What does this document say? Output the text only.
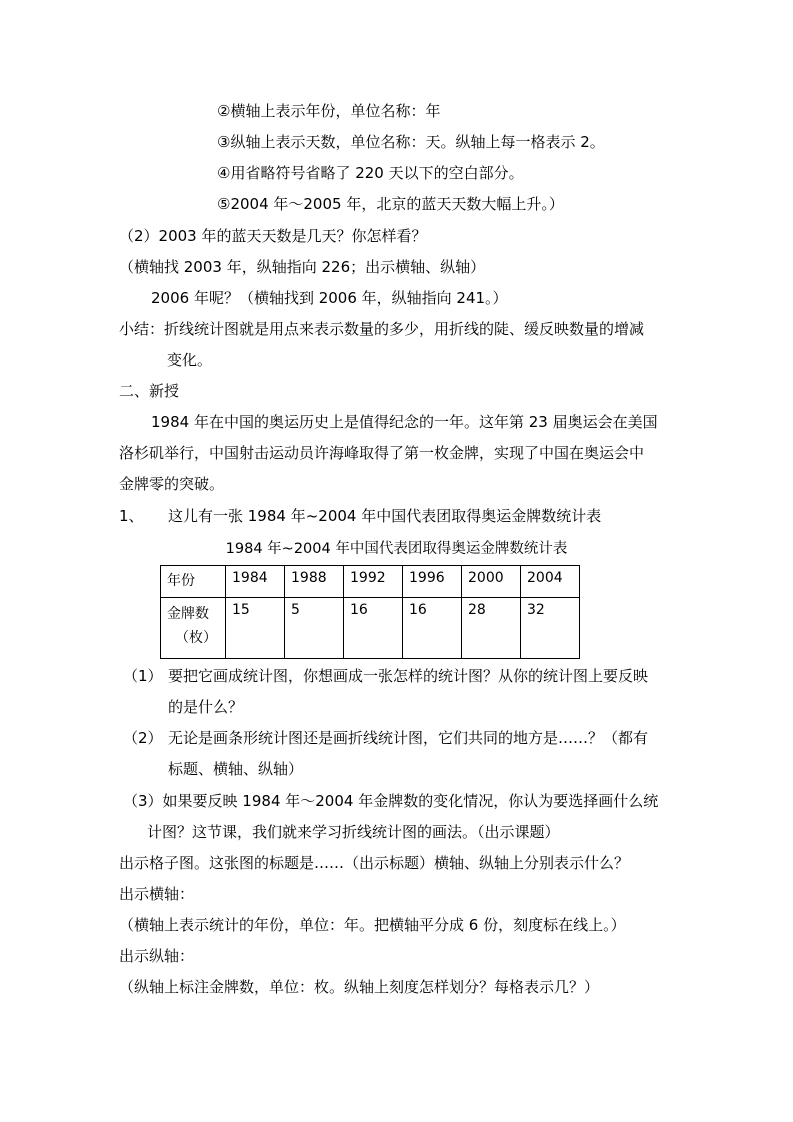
②横轴上表示年份，单位名称：年
③纵轴上表示天数，单位名称：天。纵轴上每一格表示 2。
④用省略符号省略了 220 天以下的空白部分。
⑤2004 年～2005 年，北京的蓝天天数大幅上升。）
（2）2003 年的蓝天天数是几天？你怎样看？
（横轴找 2003 年，纵轴指向 226；出示横轴、纵轴）
2006 年呢？（横轴找到 2006 年，纵轴指向 241。）
小结：折线统计图就是用点来表示数量的多少，用折线的陡、缓反映数量的增减
变化。
二、新授
1984 年在中国的奥运历史上是值得纪念的一年。这年第 23 届奥运会在美国
洛杉矶举行，中国射击运动员许海峰取得了第一枚金牌，实现了中国在奥运会中
金牌零的突破。
1、 这儿有一张 1984 年~2004 年中国代表团取得奥运金牌数统计表
1984 年~2004 年中国代表团取得奥运金牌数统计表
年份	1984	1988	1992	1996	2000	2004

金牌数
（枚）	15	5	16	16	28	32
（1） 要把它画成统计图，你想画成一张怎样的统计图？从你的统计图上要反映
的是什么？
（2） 无论是画条形统计图还是画折线统计图，它们共同的地方是……？（都有
标题、横轴、纵轴）
（3）如果要反映 1984 年～2004 年金牌数的变化情况，你认为要选择画什么统
计图？这节课，我们就来学习折线统计图的画法。（出示课题）
出示格子图。这张图的标题是……（出示标题）横轴、纵轴上分别表示什么？
出示横轴：
（横轴上表示统计的年份，单位：年。把横轴平分成 6 份，刻度标在线上。）
出示纵轴：
（纵轴上标注金牌数，单位：枚。纵轴上刻度怎样划分？每格表示几？）
